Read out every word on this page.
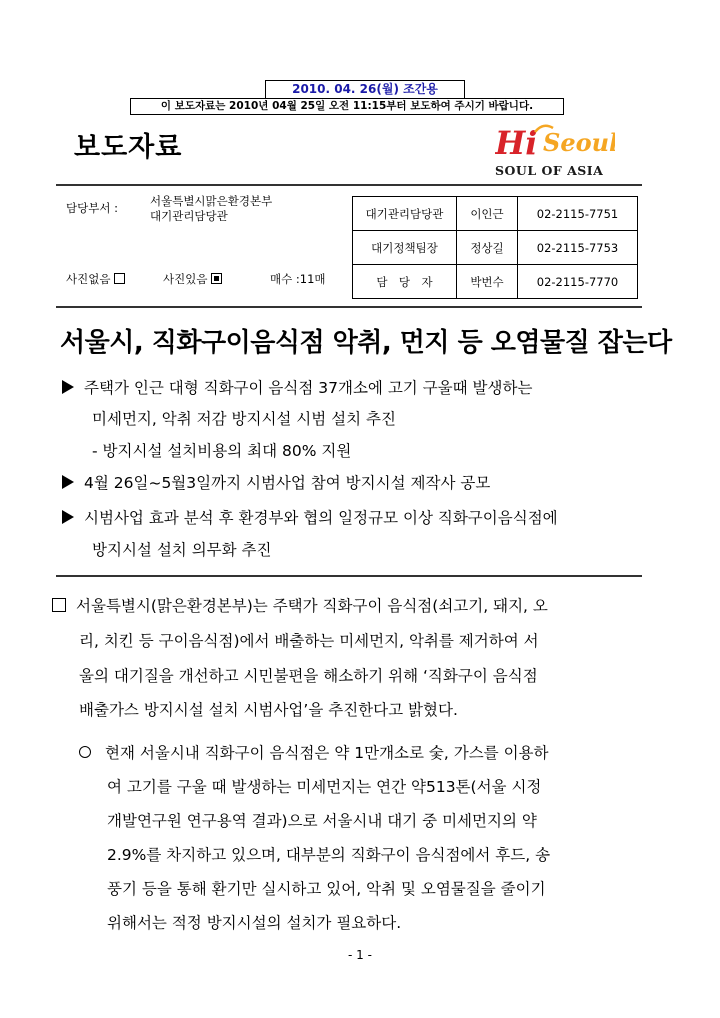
2010. 04. 26(월) 조간용
이 보도자료는 2010년 04월 25일 오전 11:15부터 보도하여 주시기 바랍니다.
보도자료	Hi Seoul
SOUL OF ASIA
담당부서 :	서울특별시맑은환경본부
대기관리담당관
사진없음	사진있음	매수 :11매
대기관리담당관	이인근	02-2115-7751
대기정책팀장	정상길	02-2115-7753
담　당　자	박번수	02-2115-7770
서울시, 직화구이음식점 악취, 먼지 등 오염물질 잡는다
주택가 인근 대형 직화구이 음식점 37개소에 고기 구울때 발생하는
미세먼지, 악취 저감 방지시설 시범 설치 추진
- 방지시설 설치비용의 최대 80% 지원
4월 26일~5월3일까지 시범사업 참여 방지시설 제작사 공모
시범사업 효과 분석 후 환경부와 협의 일정규모 이상 직화구이음식점에
방지시설 설치 의무화 추진
서울특별시(맑은환경본부)는 주택가 직화구이 음식점(쇠고기, 돼지, 오
리, 치킨 등 구이음식점)에서 배출하는 미세먼지, 악취를 제거하여 서
울의 대기질을 개선하고 시민불편을 해소하기 위해 ‘직화구이 음식점
배출가스 방지시설 설치 시범사업’을 추진한다고 밝혔다.
현재 서울시내 직화구이 음식점은 약 1만개소로 숯, 가스를 이용하
여 고기를 구울 때 발생하는 미세먼지는 연간 약513톤(서울 시정
개발연구원 연구용역 결과)으로 서울시내 대기 중 미세먼지의 약
2.9%를 차지하고 있으며, 대부분의 직화구이 음식점에서 후드, 송
풍기 등을 통해 환기만 실시하고 있어, 악취 및 오염물질을 줄이기
위해서는 적정 방지시설의 설치가 필요하다.
- 1 -
